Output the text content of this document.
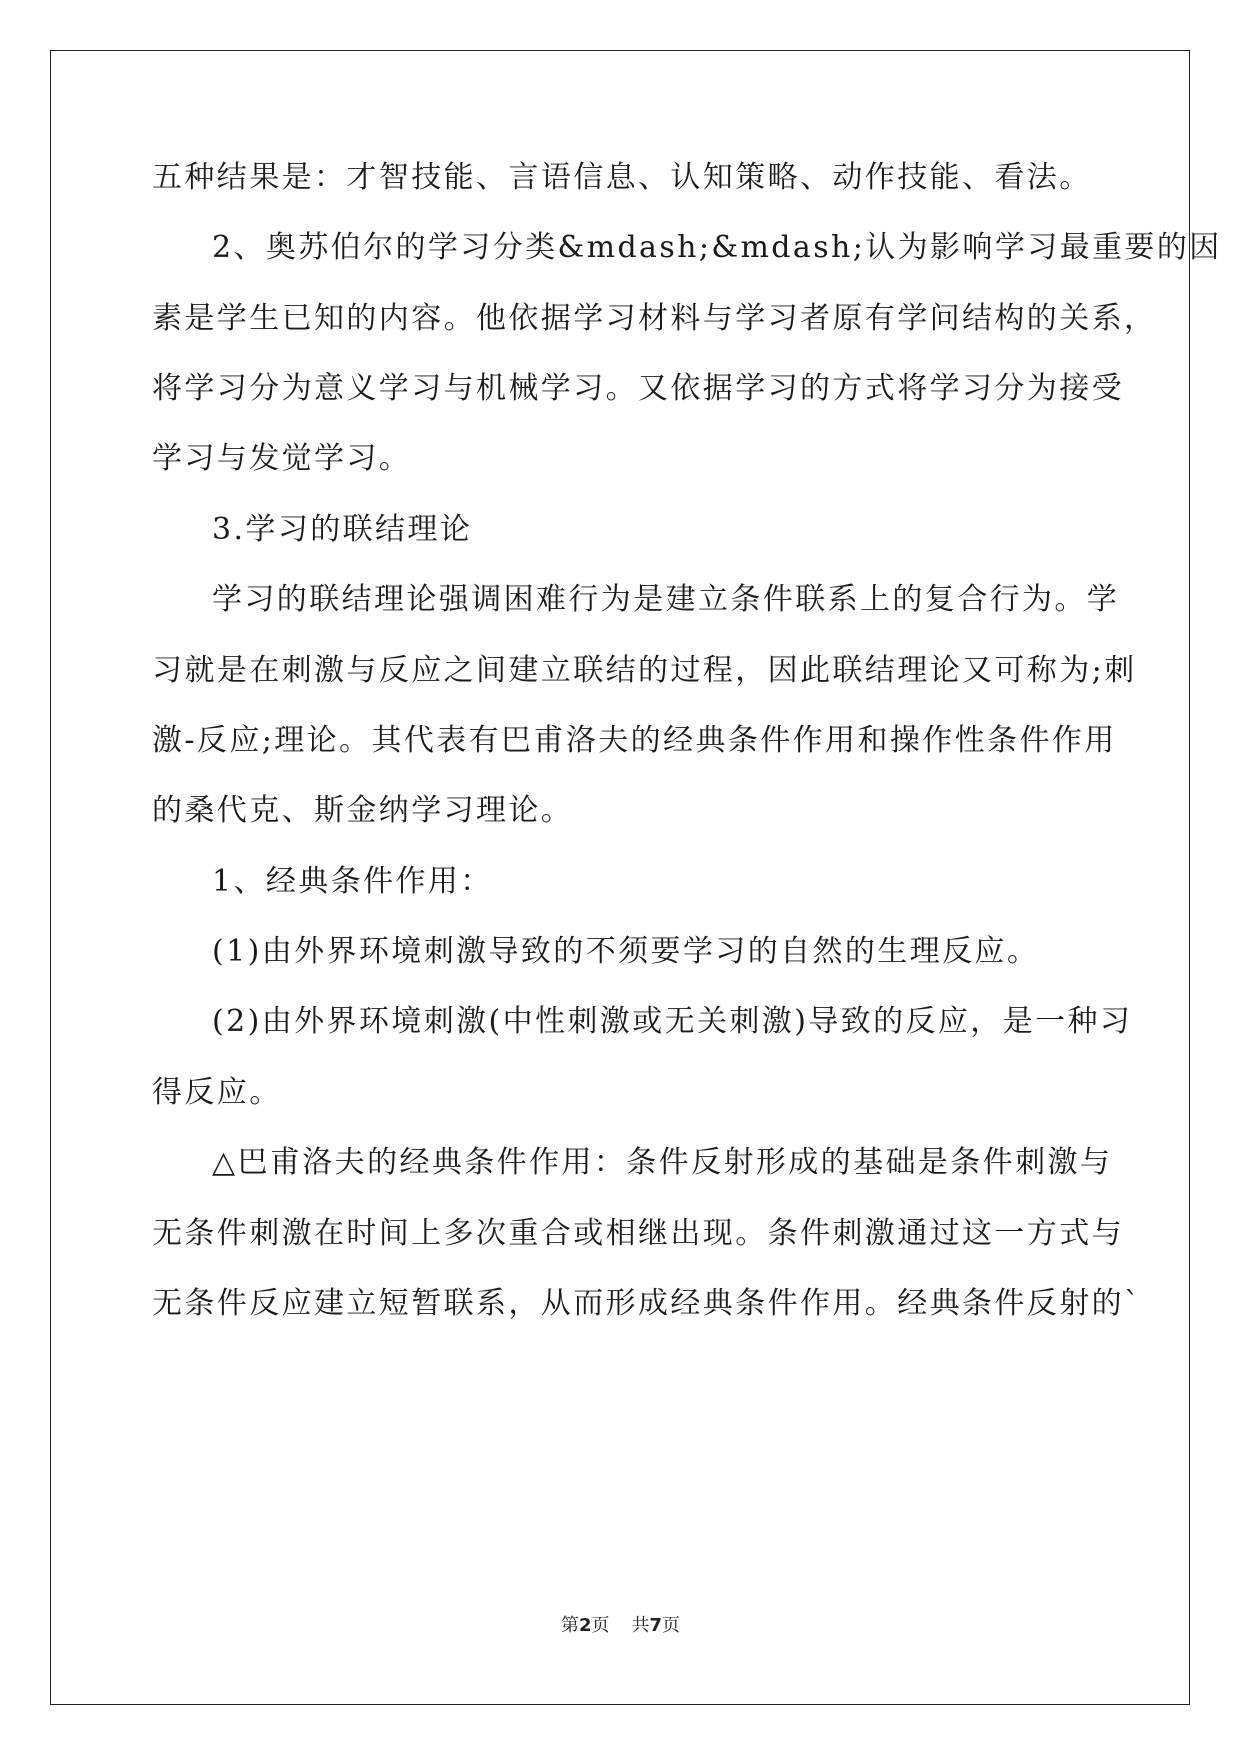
五种结果是：才智技能、言语信息、认知策略、动作技能、看法。
2、奥苏伯尔的学习分类&mdash;&mdash;认为影响学习最重要的因
素是学生已知的内容。他依据学习材料与学习者原有学问结构的关系，
将学习分为意义学习与机械学习。又依据学习的方式将学习分为接受
学习与发觉学习。
3.学习的联结理论
学习的联结理论强调困难行为是建立条件联系上的复合行为。学
习就是在刺激与反应之间建立联结的过程，因此联结理论又可称为;刺
激-反应;理论。其代表有巴甫洛夫的经典条件作用和操作性条件作用
的桑代克、斯金纳学习理论。
1、经典条件作用：
(1)由外界环境刺激导致的不须要学习的自然的生理反应。
(2)由外界环境刺激(中性刺激或无关刺激)导致的反应，是一种习
得反应。
△巴甫洛夫的经典条件作用：条件反射形成的基础是条件刺激与
无条件刺激在时间上多次重合或相继出现。条件刺激通过这一方式与
无条件反应建立短暂联系，从而形成经典条件作用。经典条件反射的`
第2页 共7页
